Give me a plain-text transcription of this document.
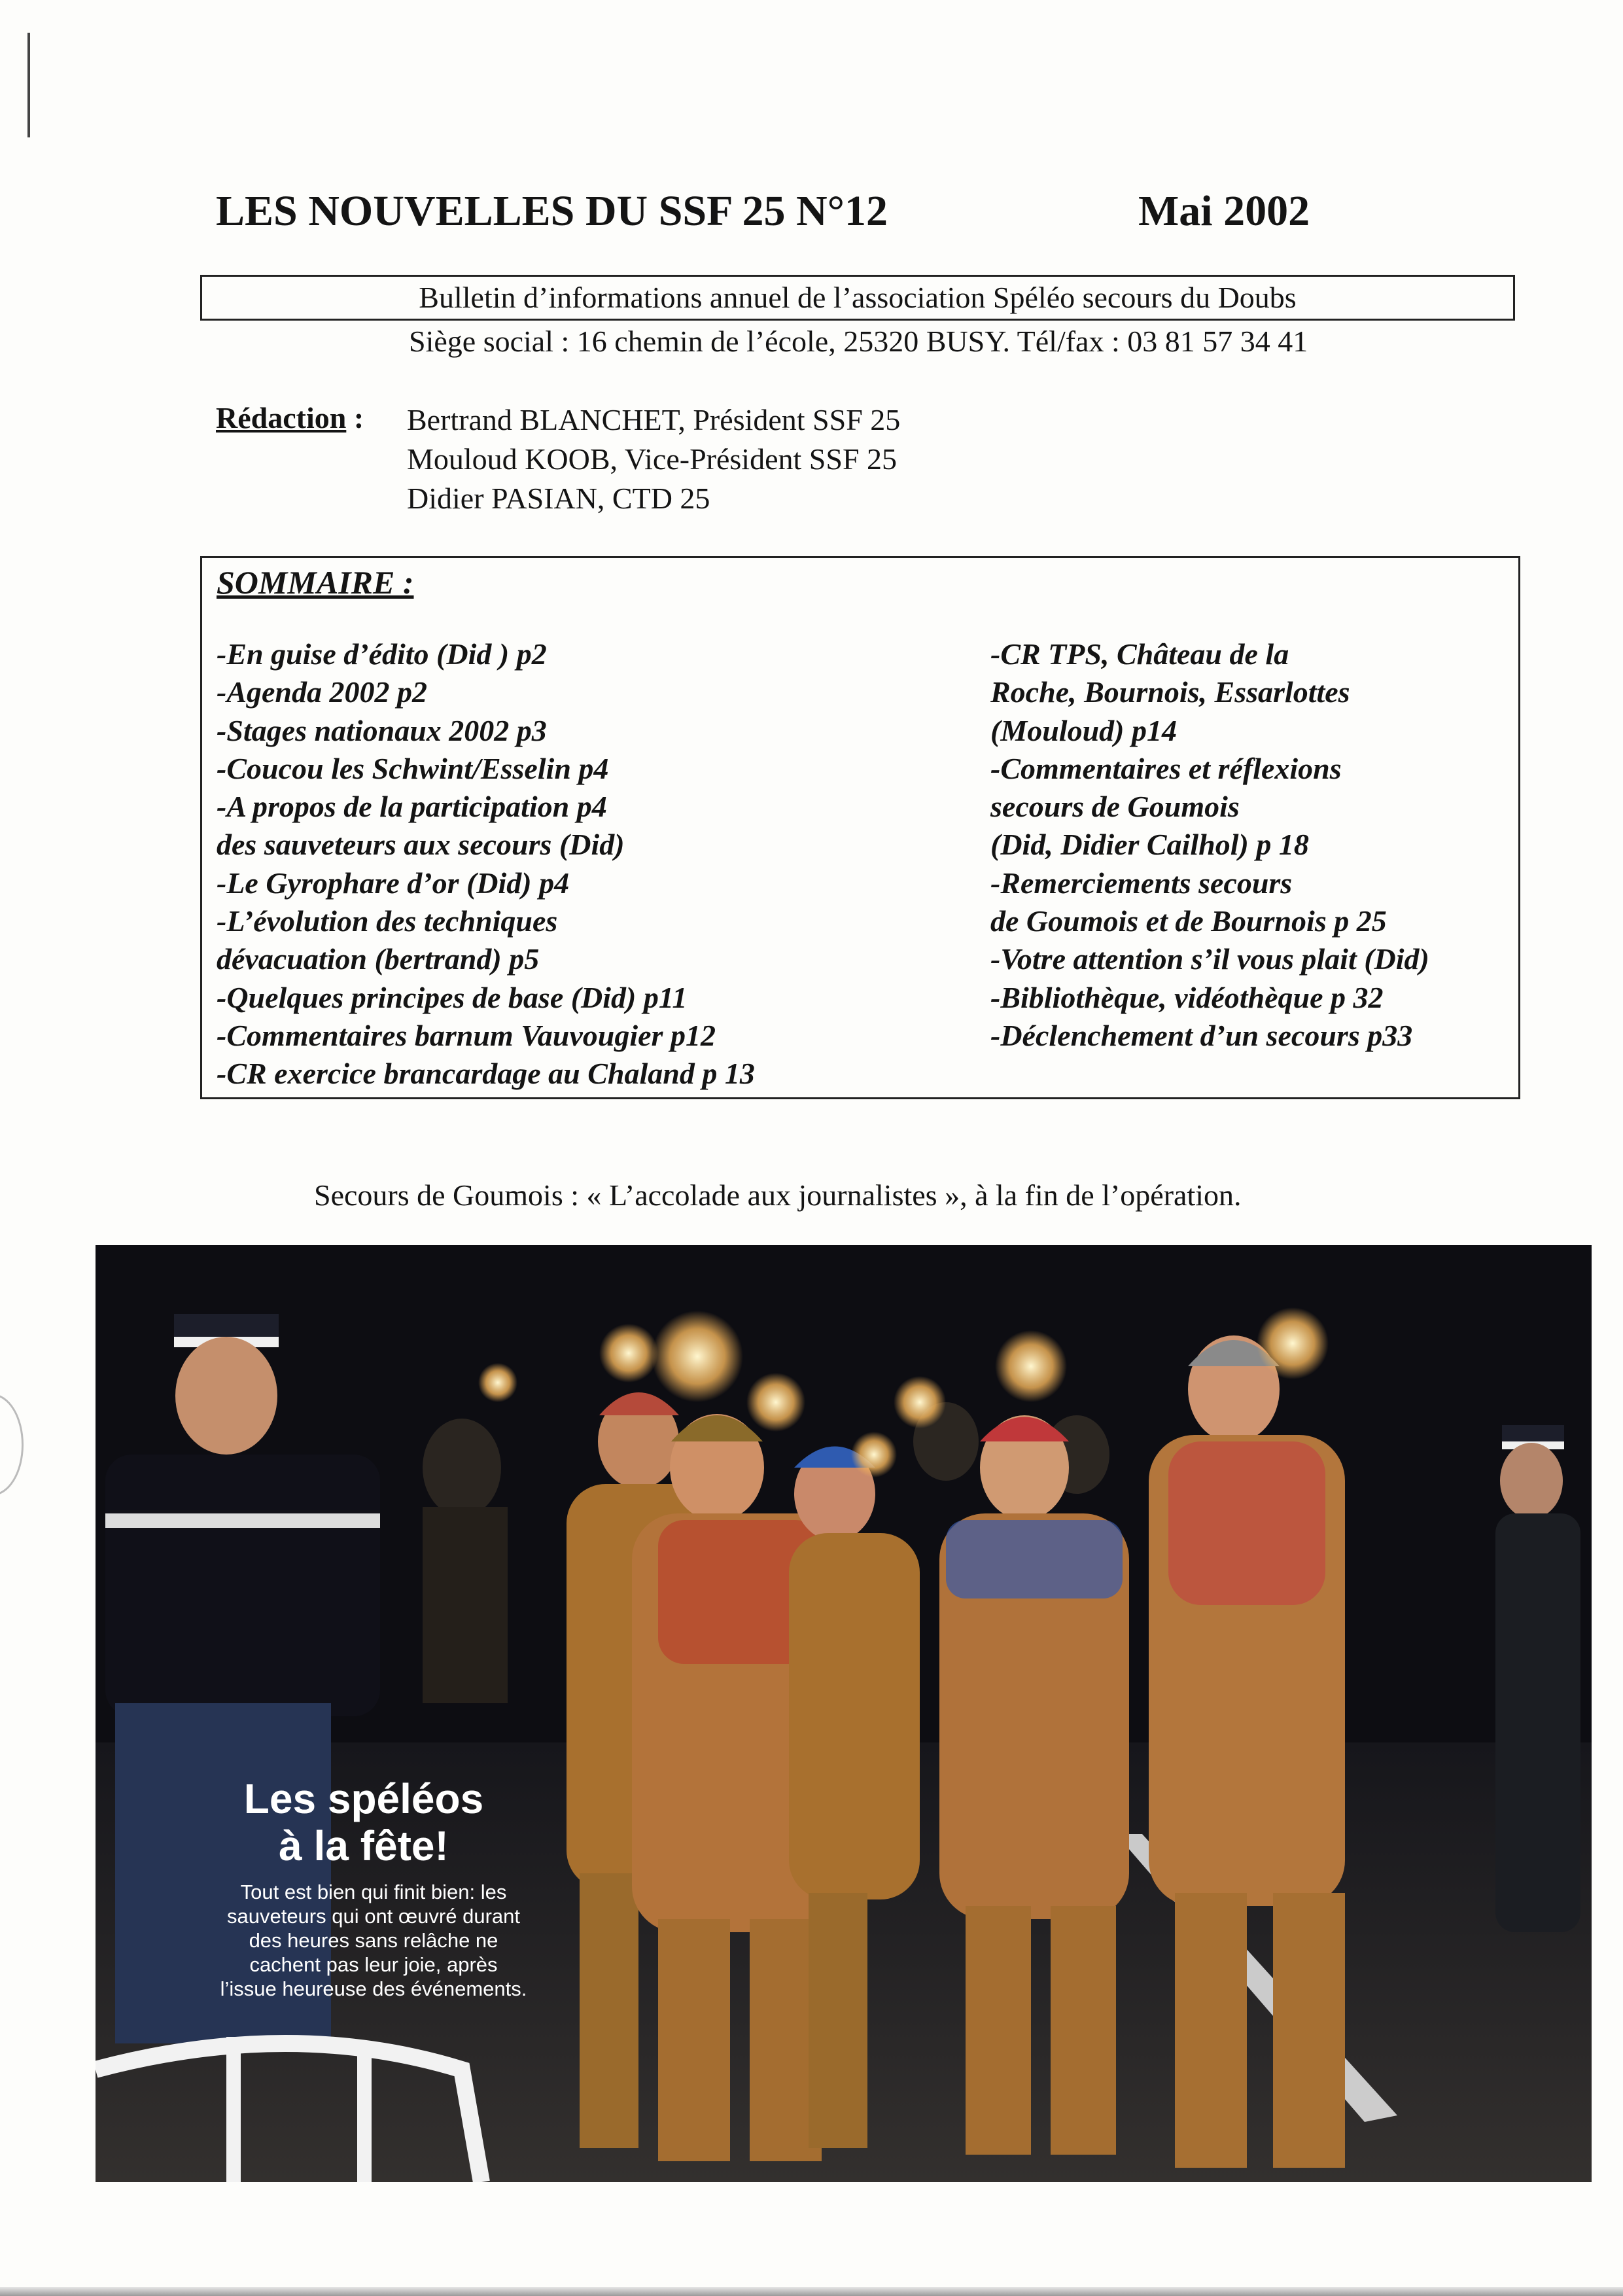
LES NOUVELLES DU SSF 25 N°12	Mai 2002
Bulletin d’informations annuel de l’association Spéléo secours du Doubs
Siège social : 16 chemin de l’école, 25320 BUSY. Tél/fax : 03 81 57 34 41
Rédaction : Bertrand BLANCHET, Président SSF 25
Mouloud KOOB, Vice-Président SSF 25
Didier PASIAN, CTD 25
SOMMAIRE :
-En guise d’édito (Did ) p2
-Agenda 2002 p2
-Stages nationaux 2002 p3
-Coucou les Schwint/Esselin p4
-A propos de la participation p4
des sauveteurs aux secours (Did)
-Le Gyrophare d’or (Did) p4
-L’évolution des techniques
dévacuation (bertrand) p5
-Quelques principes de base (Did) p11
-Commentaires barnum Vauvougier p12
-CR exercice brancardage au Chaland p 13
-CR TPS, Château de la
Roche, Bournois, Essarlottes
(Mouloud) p14
-Commentaires et réflexions
secours de Goumois
(Did, Didier Cailhol) p 18
-Remerciements secours
de Goumois et de Bournois p 25
-Votre attention s’il vous plait (Did)
-Bibliothèque, vidéothèque p 32
-Déclenchement d’un secours p33
Secours de Goumois : « L’accolade aux journalistes », à la fin de l’opération.
Les spéléos
à la fête!
Tout est bien qui finit bien: les
sauveteurs qui ont œuvré durant
des heures sans relâche ne
cachent pas leur joie, après
l’issue heureuse des événements.
